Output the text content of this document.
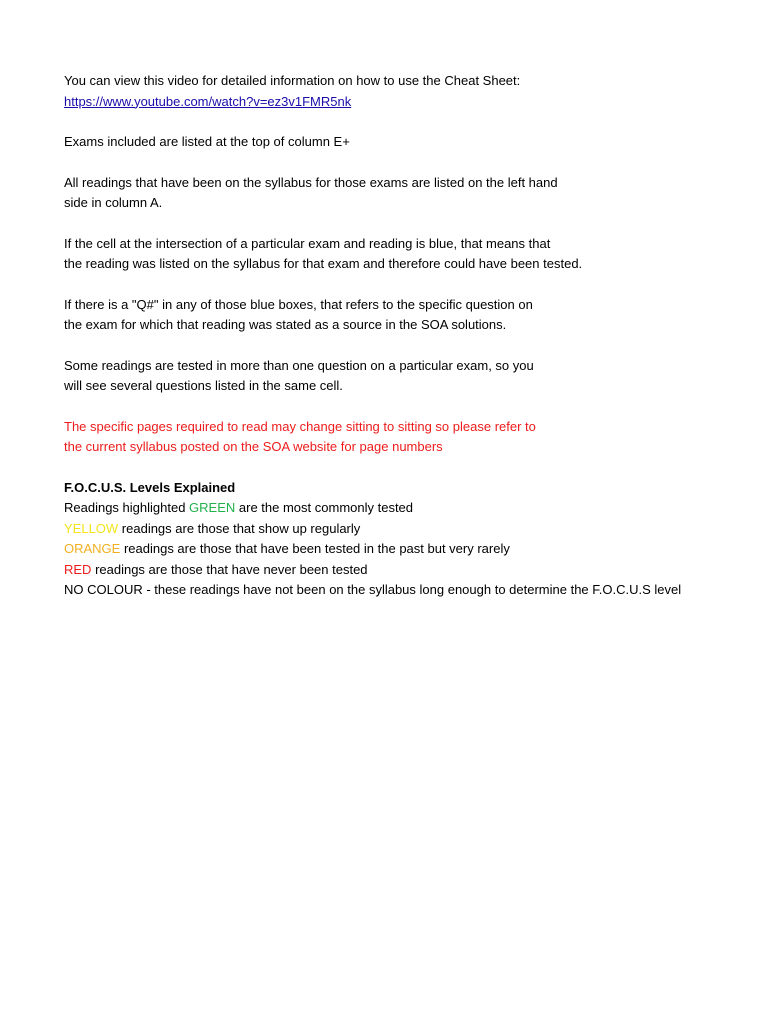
You can view this video for detailed information on how to use the Cheat Sheet:
https://www.youtube.com/watch?v=ez3v1FMR5nk
Exams included are listed at the top of column E+
All readings that have been on the syllabus for those exams are listed on the left hand
side in column A.
If the cell at the intersection of a particular exam and reading is blue, that means that
the reading was listed on the syllabus for that exam and therefore could have been tested.
If there is a "Q#" in any of those blue boxes, that refers to the specific question on
the exam for which that reading was stated as a source in the SOA solutions.
Some readings are tested in more than one question on a particular exam, so you
will see several questions listed in the same cell.
The specific pages required to read may change sitting to sitting so please refer to
the current syllabus posted on the SOA website for page numbers
F.O.C.U.S. Levels Explained
Readings highlighted GREEN are the most commonly tested
YELLOW readings are those that show up regularly
ORANGE readings are those that have been tested in the past but very rarely
RED readings are those that have never been tested
NO COLOUR - these readings have not been on the syllabus long enough to determine the F.O.C.U.S level
